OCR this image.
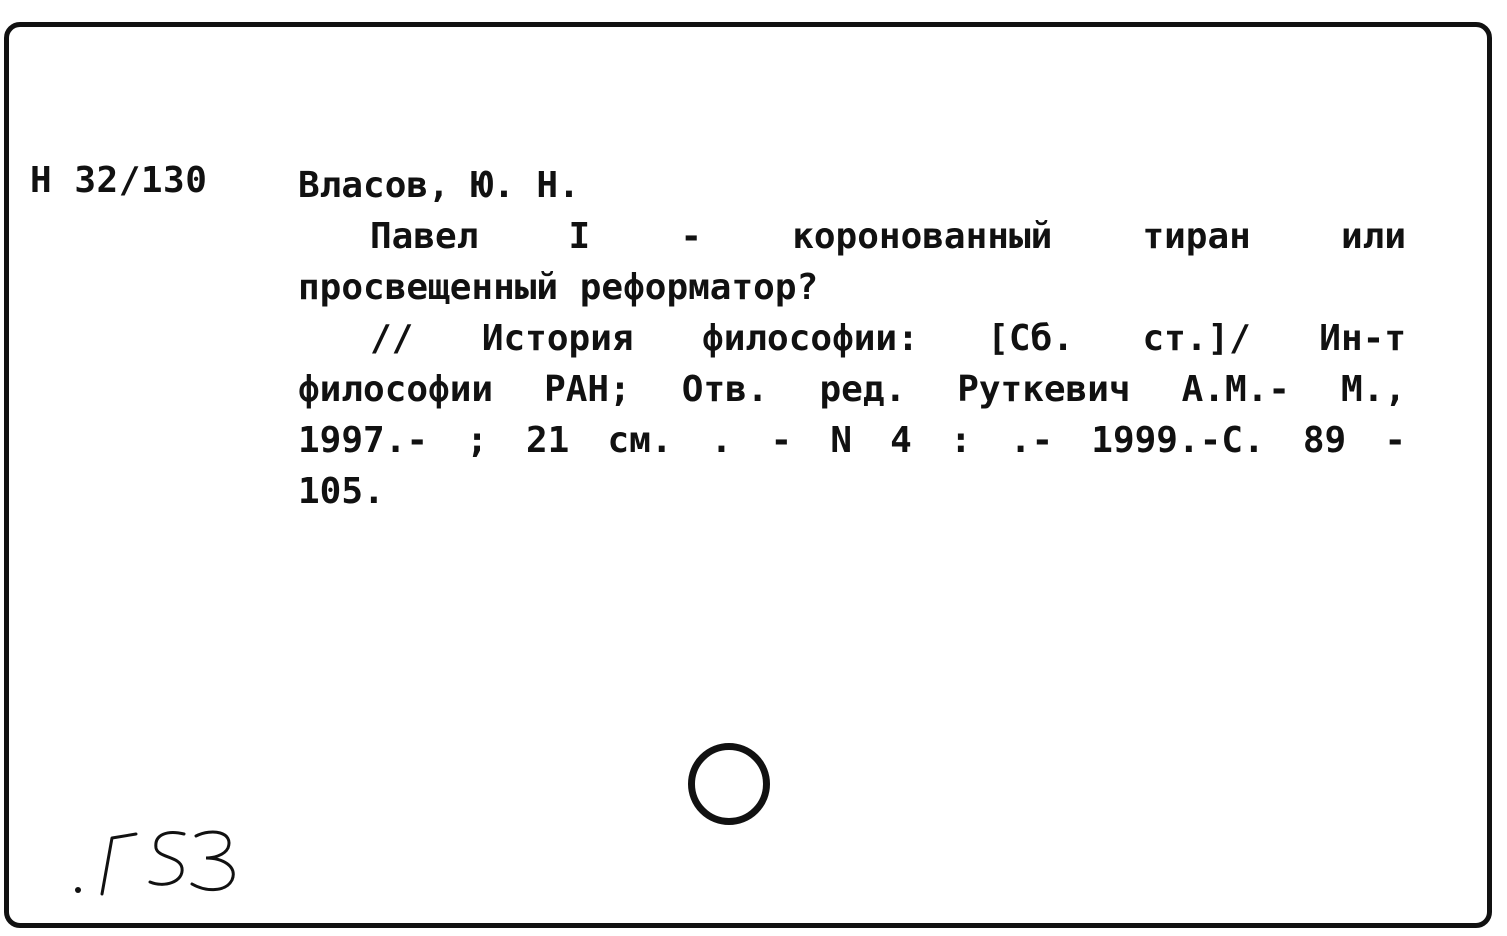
Н 32/130	Власов, Ю. Н.
Павел I - коронованный тиран или
просвещенный реформатор?
// История философии: [Сб. ст.]/ Ин-т
философии РАН; Отв. ред. Руткевич А.М.- М.,
1997.- ; 21 см. . - N 4 : .- 1999.-С. 89 -
105.
